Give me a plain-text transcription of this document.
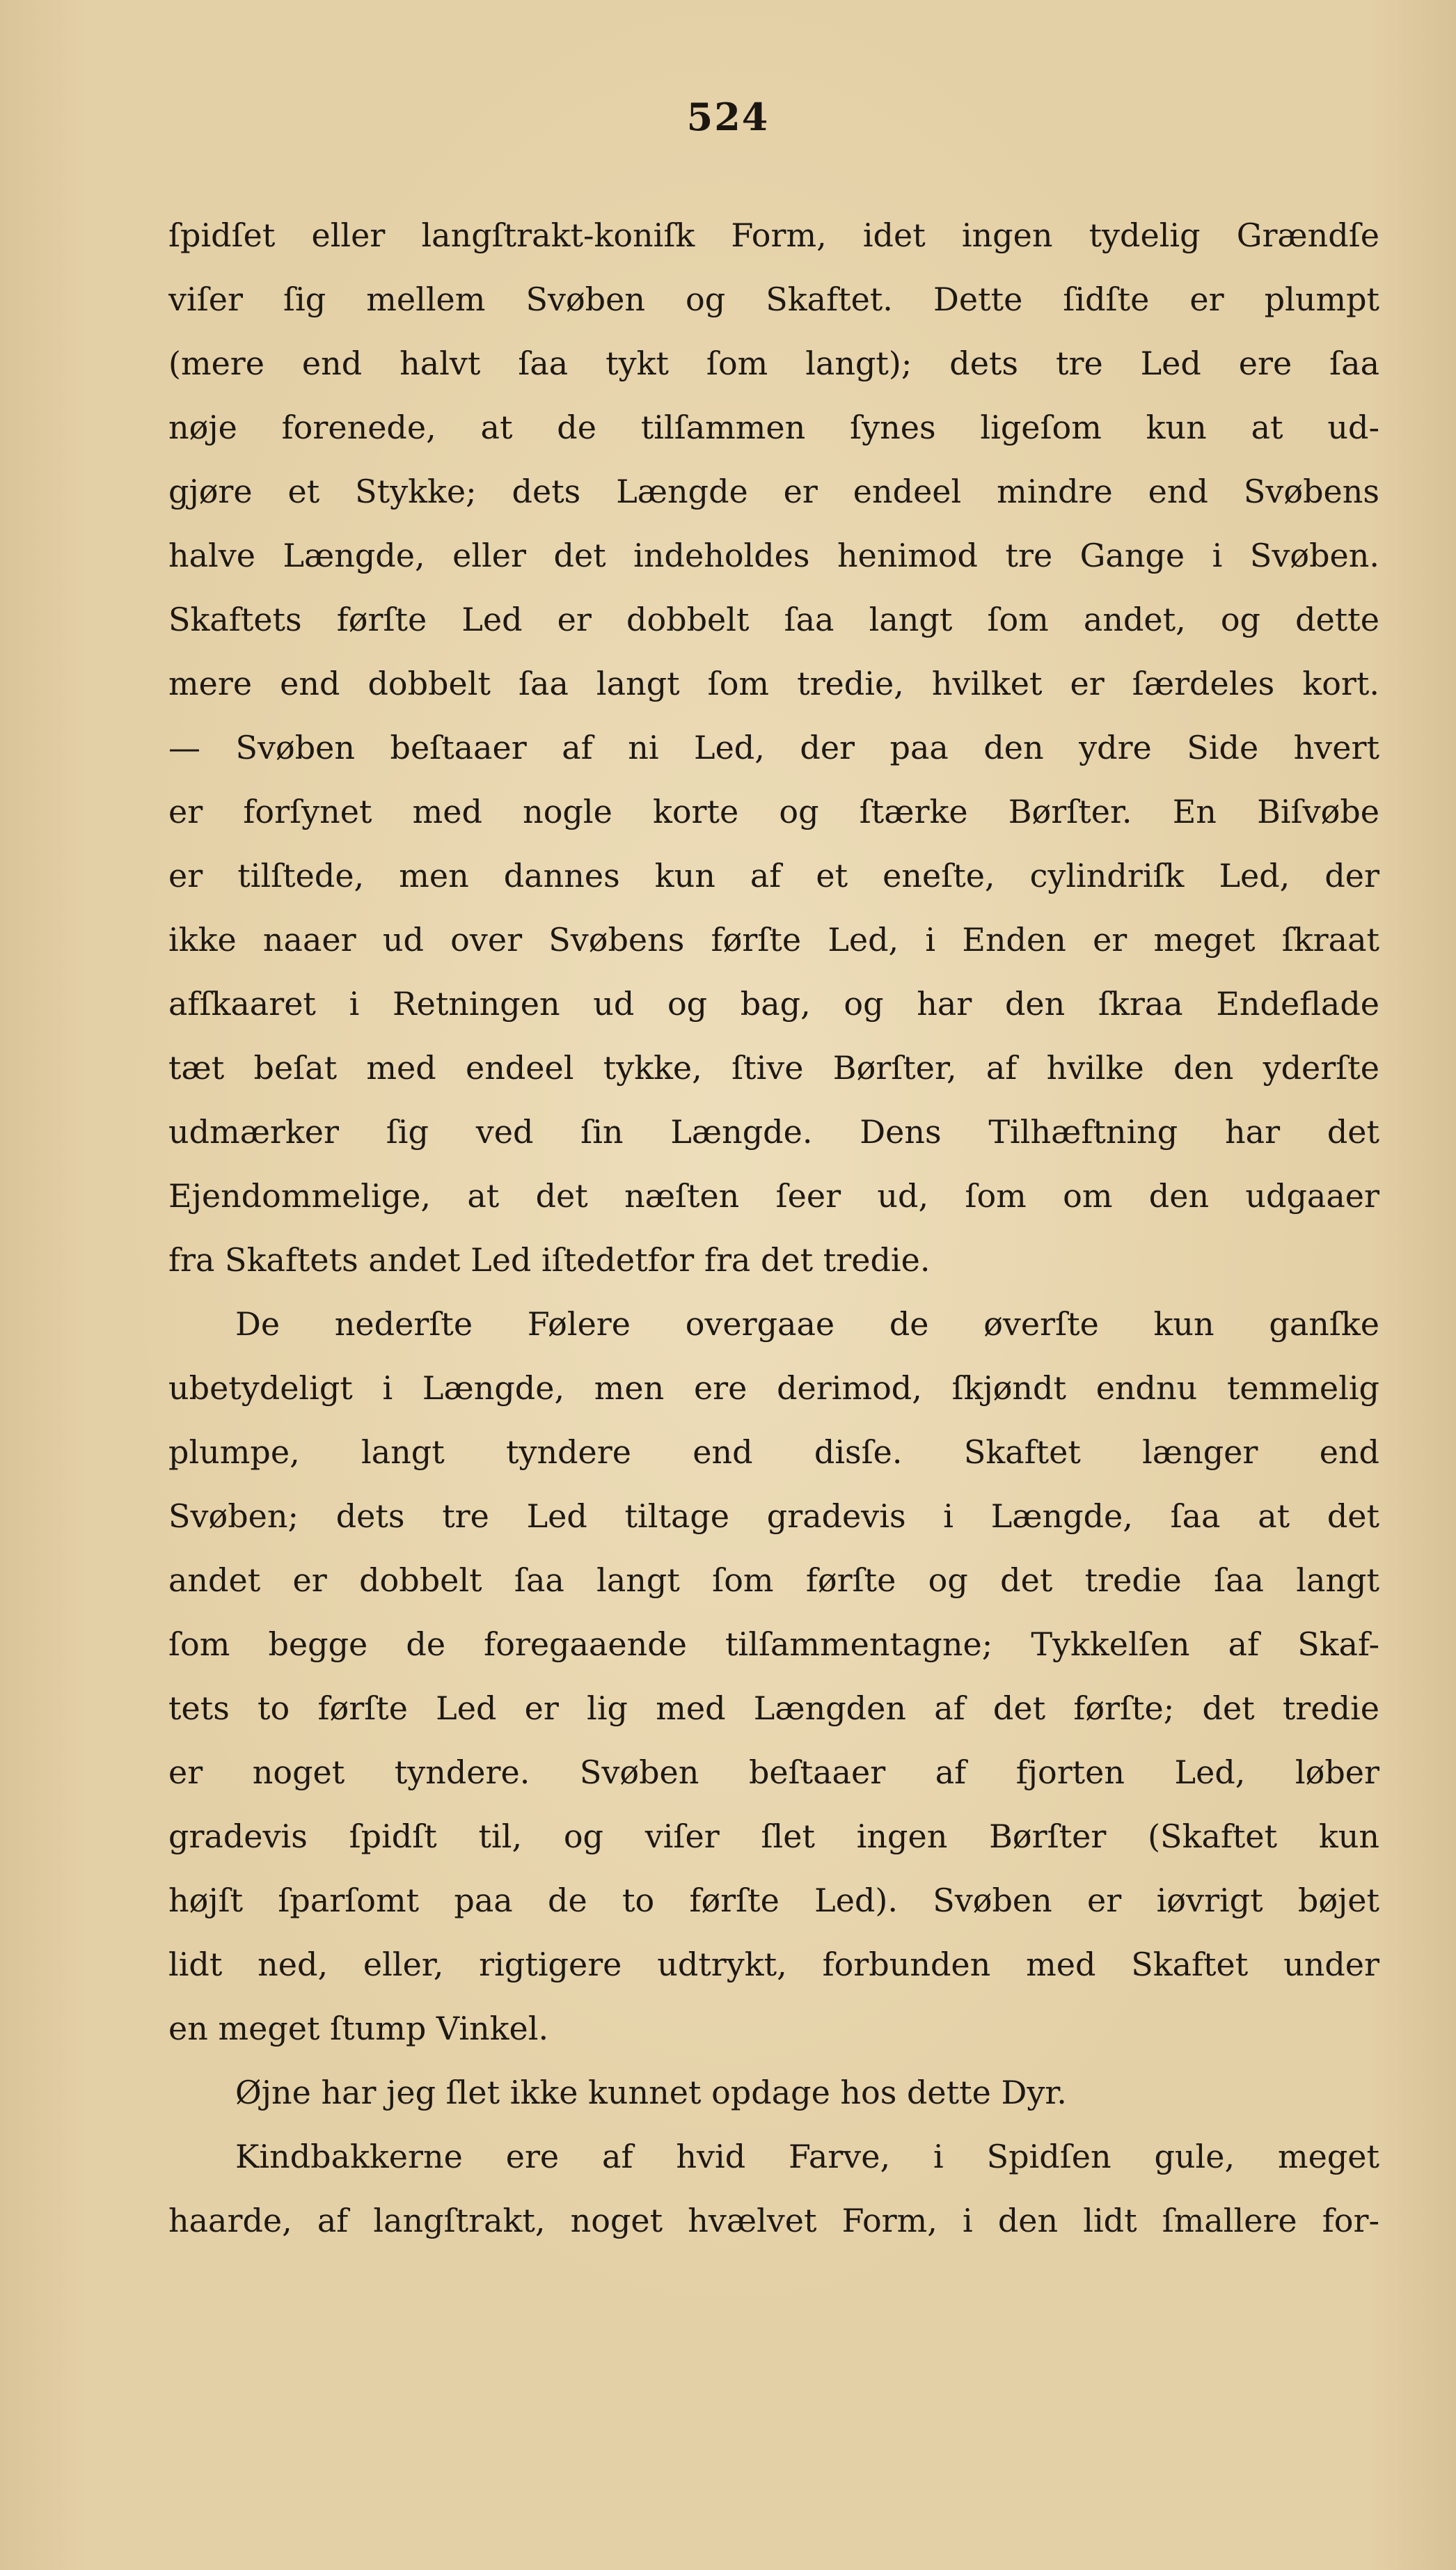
524
ſpidſet eller langſtrakt-koniſk Form, idet ingen tydelig Grændſe
viſer ſig mellem Svøben og Skaftet. Dette ſidſte er plumpt
(mere end halvt ſaa tykt ſom langt); dets tre Led ere ſaa
nøje forenede, at de tilſammen ſynes ligeſom kun at ud-
gjøre et Stykke; dets Længde er endeel mindre end Svøbens
halve Længde, eller det indeholdes henimod tre Gange i Svøben.
Skaftets førſte Led er dobbelt ſaa langt ſom andet, og dette
mere end dobbelt ſaa langt ſom tredie, hvilket er ſærdeles kort.
— Svøben beſtaaer af ni Led, der paa den ydre Side hvert
er forſynet med nogle korte og ſtærke Børſter. En Biſvøbe
er tilſtede, men dannes kun af et eneſte, cylindriſk Led, der
ikke naaer ud over Svøbens førſte Led, i Enden er meget ſkraat
afſkaaret i Retningen ud og bag, og har den ſkraa Endeflade
tæt beſat med endeel tykke, ſtive Børſter, af hvilke den yderſte
udmærker ſig ved ſin Længde. Dens Tilhæftning har det
Ejendommelige, at det næſten ſeer ud, ſom om den udgaaer
fra Skaftets andet Led iſtedetfor fra det tredie.
De nederſte Følere overgaae de øverſte kun ganſke
ubetydeligt i Længde, men ere derimod, ſkjøndt endnu temmelig
plumpe, langt tyndere end disſe. Skaftet længer end
Svøben; dets tre Led tiltage gradevis i Længde, ſaa at det
andet er dobbelt ſaa langt ſom førſte og det tredie ſaa langt
ſom begge de foregaaende tilſammentagne; Tykkelſen af Skaf-
tets to førſte Led er lig med Længden af det førſte; det tredie
er noget tyndere. Svøben beſtaaer af fjorten Led, løber
gradevis ſpidſt til, og viſer ſlet ingen Børſter (Skaftet kun
højſt ſparſomt paa de to førſte Led). Svøben er iøvrigt bøjet
lidt ned, eller, rigtigere udtrykt, forbunden med Skaftet under
en meget ſtump Vinkel.
Øjne har jeg ſlet ikke kunnet opdage hos dette Dyr.
Kindbakkerne ere af hvid Farve, i Spidſen gule, meget
haarde, af langſtrakt, noget hvælvet Form, i den lidt ſmallere for-
